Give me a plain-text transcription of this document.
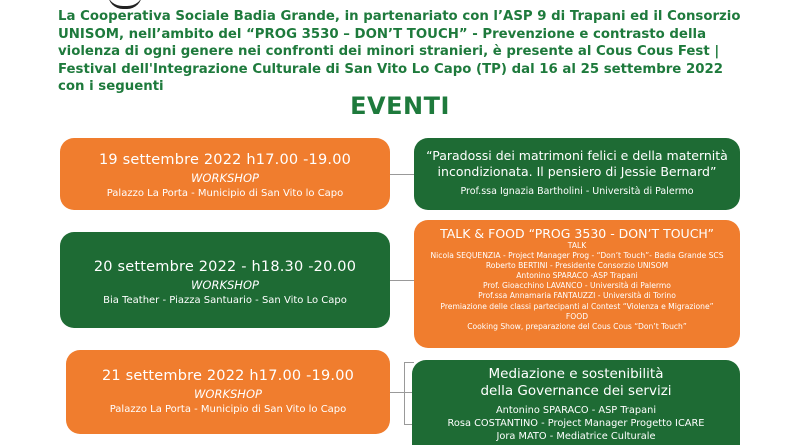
La Cooperativa Sociale Badia Grande, in partenariato con l’ASP 9 di Trapani ed il Consorzio UNISOM, nell’ambito del “PROG 3530 – DON’T TOUCH” - Prevenzione e contrasto della violenza di ogni genere nei confronti dei minori stranieri, è presente al Cous Cous Fest | Festival dell'Integrazione Culturale di San Vito Lo Capo (TP) dal 16 al 25 settembre 2022 con i seguenti
EVENTI
19 settembre 2022 h17.00 -19.00
WORKSHOP
Palazzo La Porta - Municipio di San Vito lo Capo
“Paradossi dei matrimoni felici e della maternità incondizionata. Il pensiero di Jessie Bernard”
Prof.ssa Ignazia Bartholini - Università di Palermo
20 settembre 2022 - h18.30 -20.00
WORKSHOP
Bia Teather - Piazza Santuario - San Vito Lo Capo
TALK & FOOD “PROG 3530 - DON’T TOUCH”
TALK
Nicola SEQUENZIA - Project Manager Prog - “Don’t Touch”- Badia Grande SCS
Roberto BERTINI - Presidente Consorzio UNISOM
Antonino SPARACO -ASP Trapani
Prof. Gioacchino LAVANCO - Università di Palermo
Prof.ssa Annamaria FANTAUZZI - Università di Torino
Premiazione delle classi partecipanti al Contest “Violenza e Migrazione”
FOOD
Cooking Show, preparazione del Cous Cous “Don’t Touch”
21 settembre 2022 h17.00 -19.00
WORKSHOP
Palazzo La Porta - Municipio di San Vito lo Capo
Mediazione e sostenibilità
della Governance dei servizi
Antonino SPARACO - ASP Trapani
Rosa COSTANTINO - Project Manager Progetto ICARE
Jora MATO - Mediatrice Culturale
